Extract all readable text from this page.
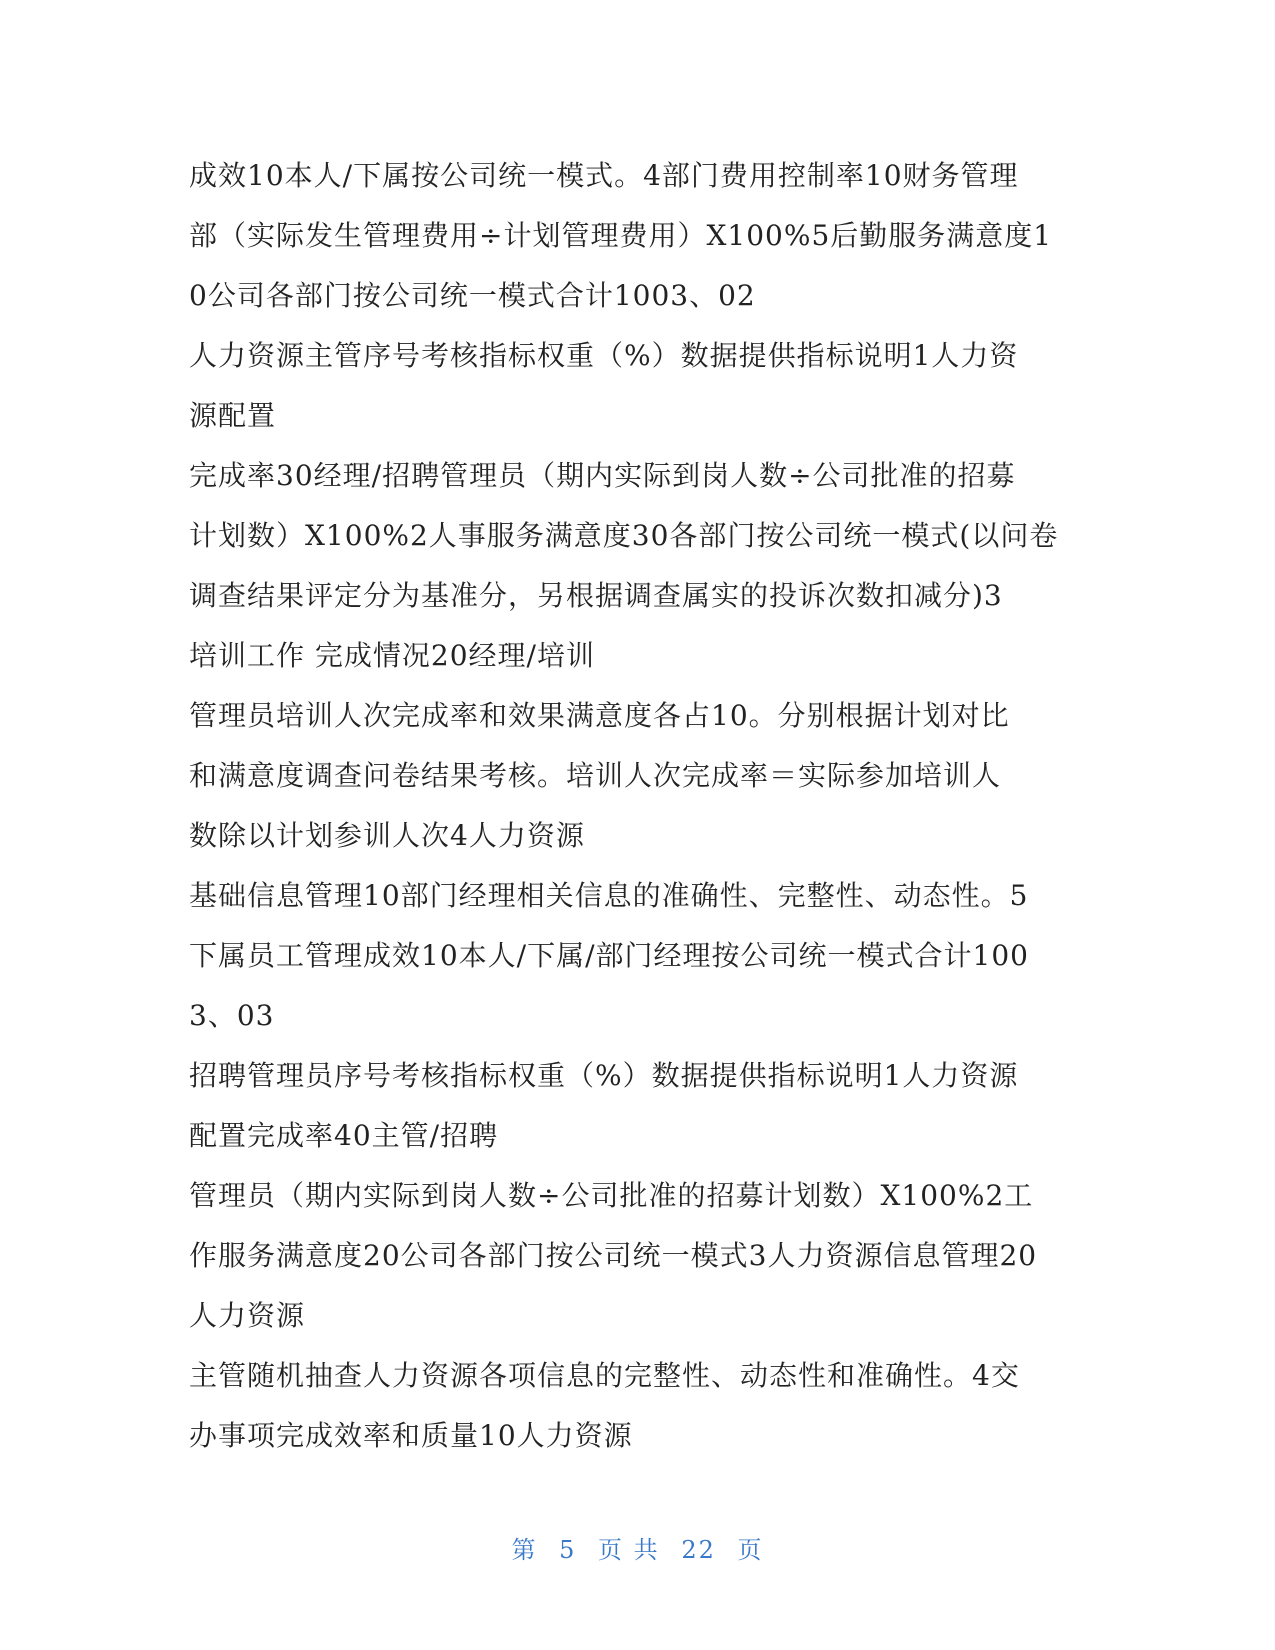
成效10本人/下属按公司统一模式。4部门费用控制率10财务管理

部（实际发生管理费用÷计划管理费用）X100%5后勤服务满意度1

0公司各部门按公司统一模式合计1003、02

人力资源主管序号考核指标权重（%）数据提供指标说明1人力资

源配置

完成率30经理/招聘管理员（期内实际到岗人数÷公司批准的招募

计划数）X100%2人事服务满意度30各部门按公司统一模式(以问卷

调查结果评定分为基准分，另根据调查属实的投诉次数扣减分)3

培训工作 完成情况20经理/培训

管理员培训人次完成率和效果满意度各占10。分别根据计划对比

和满意度调查问卷结果考核。培训人次完成率＝实际参加培训人

数除以计划参训人次4人力资源

基础信息管理10部门经理相关信息的准确性、完整性、动态性。5

下属员工管理成效10本人/下属/部门经理按公司统一模式合计100

3、03

招聘管理员序号考核指标权重（%）数据提供指标说明1人力资源

配置完成率40主管/招聘

管理员（期内实际到岗人数÷公司批准的招募计划数）X100%2工

作服务满意度20公司各部门按公司统一模式3人力资源信息管理20

人力资源

主管随机抽查人力资源各项信息的完整性、动态性和准确性。4交

办事项完成效率和质量10人力资源

第 5 页 共 22 页
